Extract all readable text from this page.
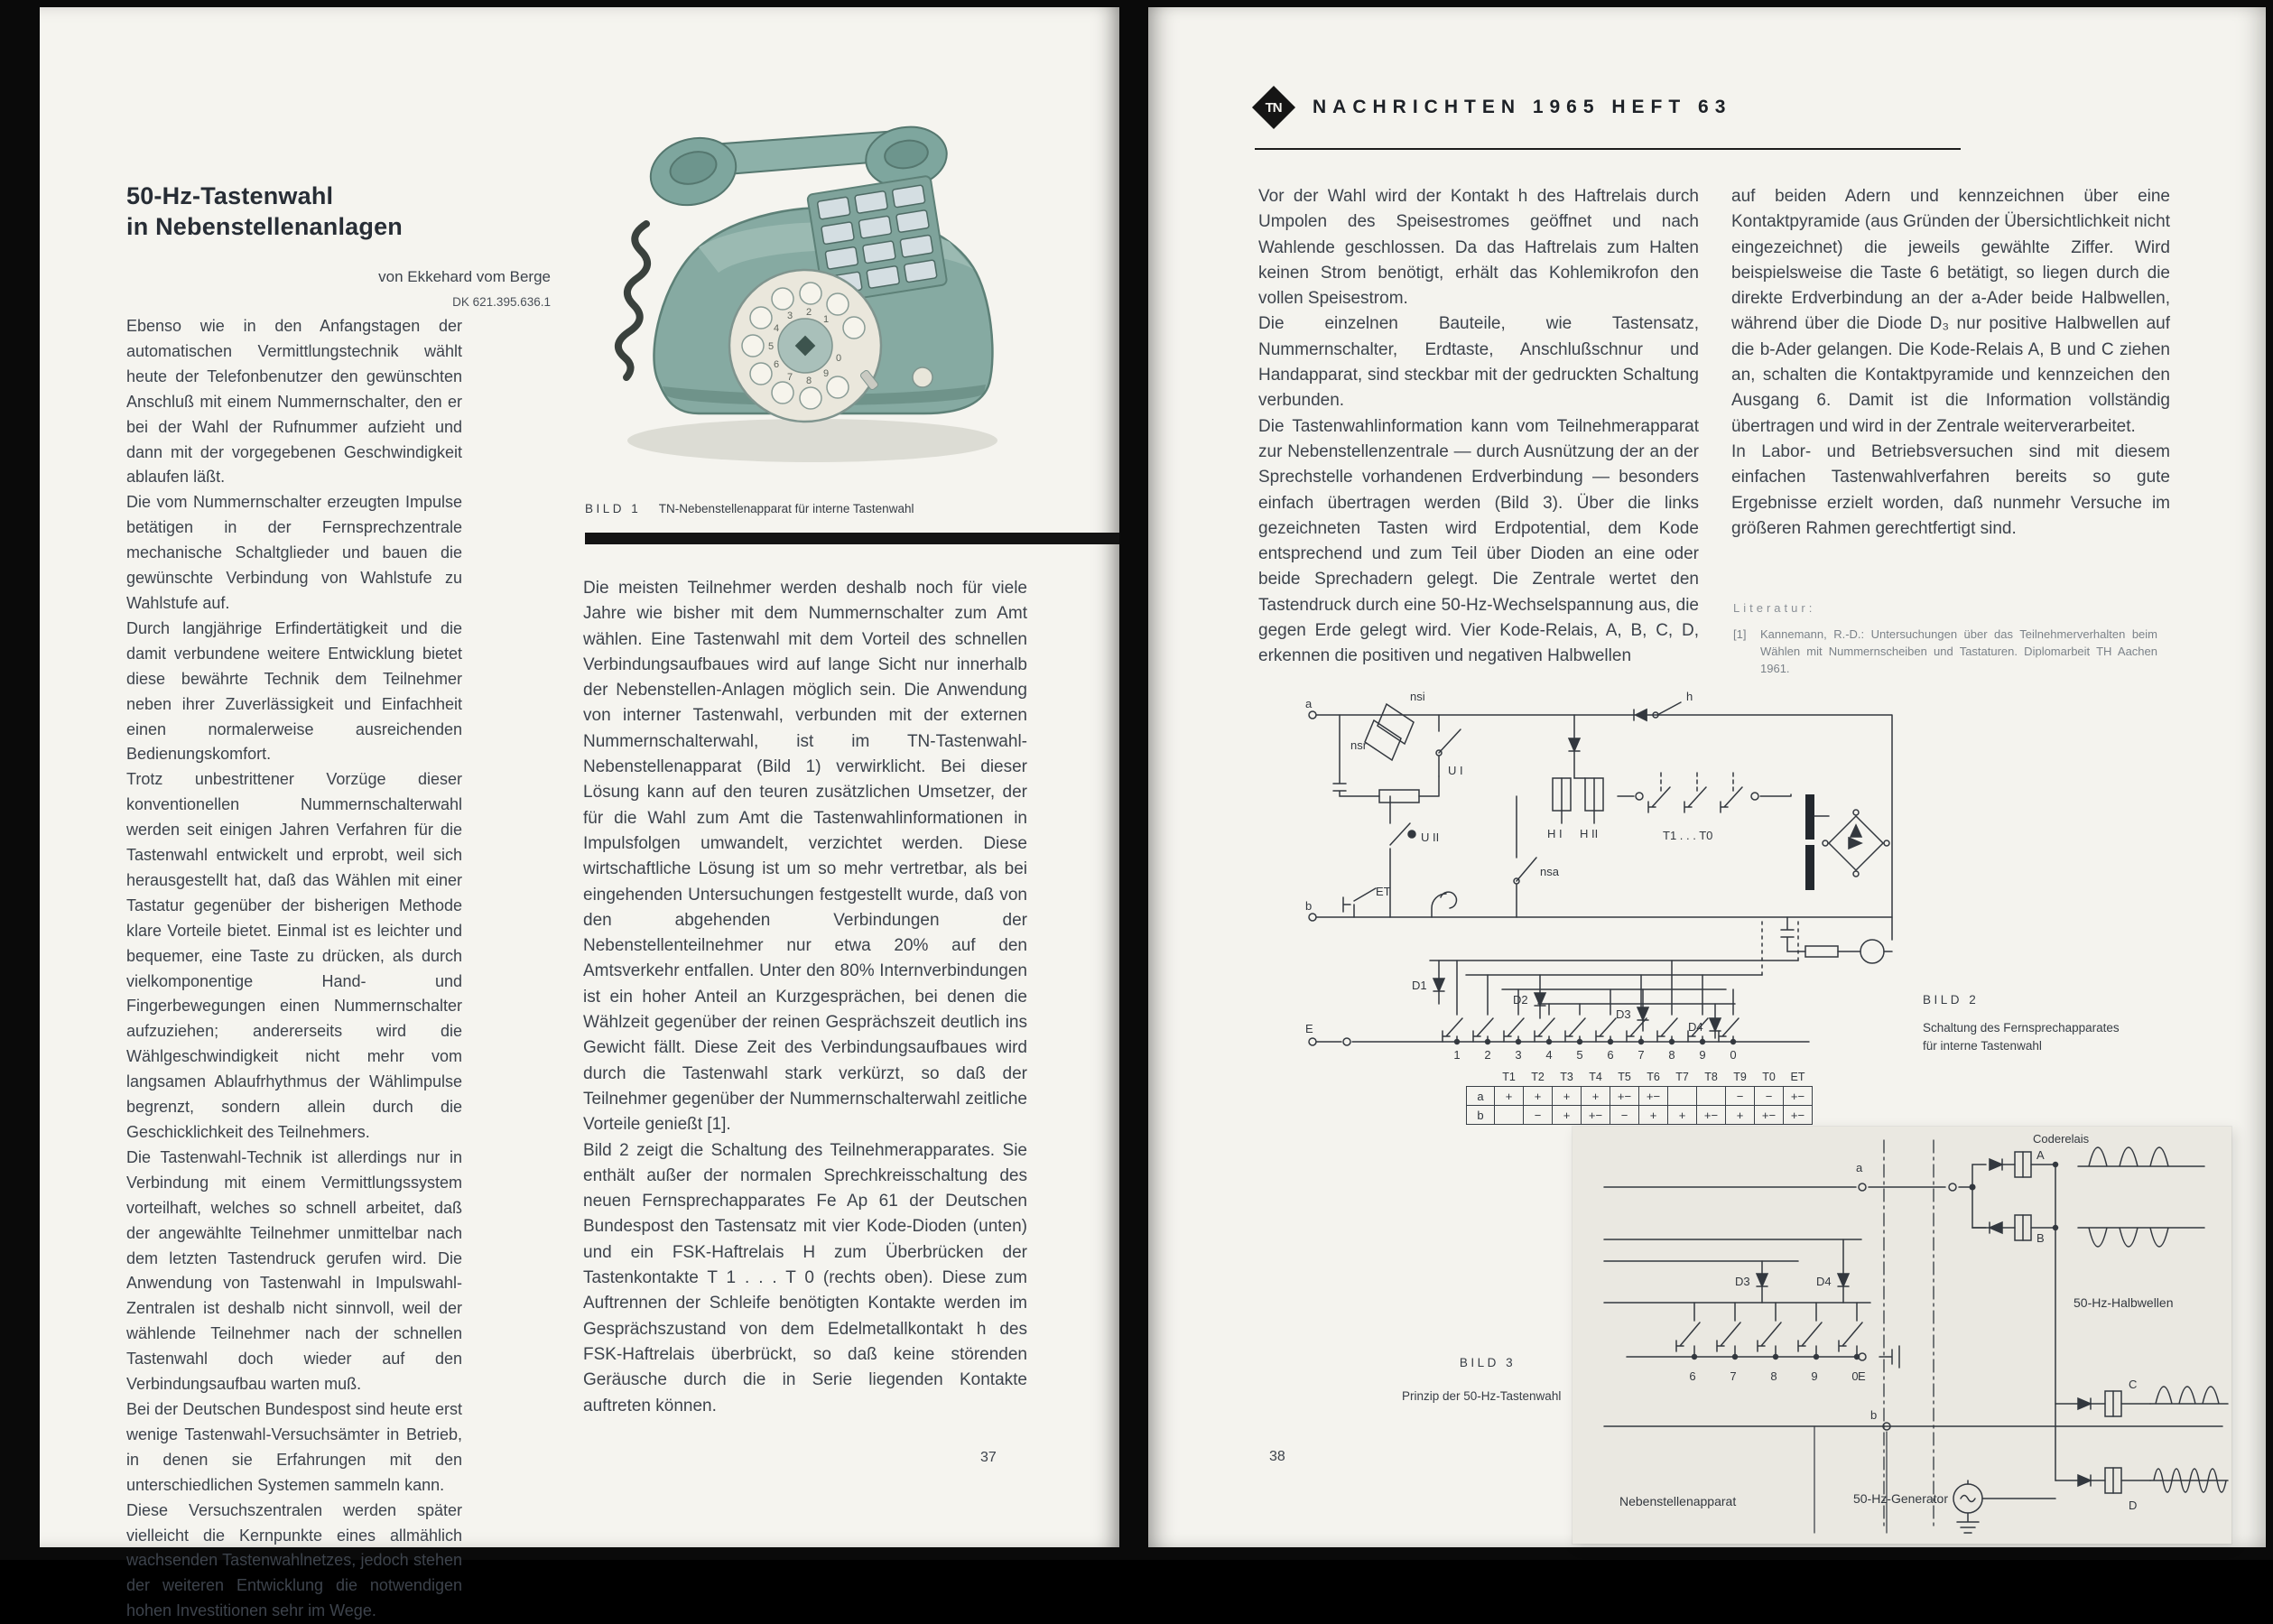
50-Hz-Tastenwahl
in Nebenstellenanlagen
von Ekkehard vom Berge
DK 621.395.636.1

Ebenso wie in den Anfangstagen der automatischen Vermittlungstechnik wählt heute der Telefonbenutzer den gewünschten Anschluß mit einem Nummernschalter, den er bei der Wahl der Rufnummer aufzieht und dann mit der vorgegebenen Geschwindigkeit ablaufen läßt.

Die vom Nummernschalter erzeugten Impulse betätigen in der Fernsprechzentrale mechanische Schaltglieder und bauen die gewünschte Verbindung von Wahlstufe zu Wahlstufe auf.

Durch langjährige Erfindertätigkeit und die damit verbundene weitere Entwicklung bietet diese bewährte Technik dem Teilnehmer neben ihrer Zuverlässigkeit und Einfachheit einen normalerweise ausreichenden Bedienungskomfort.

Trotz unbestrittener Vorzüge dieser konventionellen Nummernschalterwahl werden seit einigen Jahren Verfahren für die Tastenwahl entwickelt und erprobt, weil sich herausgestellt hat, daß das Wählen mit einer Tastatur gegenüber der bisherigen Methode klare Vorteile bietet. Einmal ist es leichter und bequemer, eine Taste zu drücken, als durch vielkomponentige Hand- und Fingerbewegungen einen Nummernschalter aufzuziehen; andererseits wird die Wählgeschwindigkeit nicht mehr vom langsamen Ablaufrhythmus der Wählimpulse begrenzt, sondern allein durch die Geschicklichkeit des Teilnehmers.

Die Tastenwahl-Technik ist allerdings nur in Verbindung mit einem Vermittlungssystem vorteilhaft, welches so schnell arbeitet, daß der angewählte Teilnehmer unmittelbar nach dem letzten Tastendruck gerufen wird. Die Anwendung von Tastenwahl in Impulswahl-Zentralen ist deshalb nicht sinnvoll, weil der wählende Teilnehmer nach der schnellen Tastenwahl doch wieder auf den Verbindungsaufbau warten muß.

Bei der Deutschen Bundespost sind heute erst wenige Tastenwahl-Versuchsämter in Betrieb, in denen sie Erfahrungen mit den unterschiedlichen Systemen sammeln kann.

Diese Versuchszentralen werden später vielleicht die Kernpunkte eines allmählich wachsenden Tastenwahlnetzes, jedoch stehen der weiteren Entwicklung die notwendigen hohen Investitionen sehr im Wege.

1
2
3
4
5
6
7 8
9
0
BILD 1 TN-Nebenstellenapparat für interne Tastenwahl

Die meisten Teilnehmer werden deshalb noch für viele Jahre wie bisher mit dem Nummernschalter zum Amt wählen. Eine Tastenwahl mit dem Vorteil des schnellen Verbindungsaufbaues wird auf lange Sicht nur innerhalb der Nebenstellen-Anlagen möglich sein. Die Anwendung von interner Tastenwahl, verbunden mit der externen Nummernschalterwahl, ist im TN-Tastenwahl-Nebenstellenapparat (Bild 1) verwirklicht. Bei dieser Lösung kann auf den teuren zusätzlichen Umsetzer, der für die Wahl zum Amt die Tastenwahlinformationen in Impulsfolgen umwandelt, verzichtet werden. Diese wirtschaftliche Lösung ist um so mehr vertretbar, als bei eingehenden Untersuchungen festgestellt wurde, daß von den abgehenden Verbindungen der Nebenstellenteilnehmer nur etwa 20% auf den Amtsverkehr entfallen. Unter den 80% Internverbindungen ist ein hoher Anteil an Kurzgesprächen, bei denen die Wählzeit gegenüber der reinen Gesprächszeit deutlich ins Gewicht fällt. Diese Zeit des Verbindungsaufbaues wird durch die Tastenwahl stark verkürzt, so daß der Teilnehmer gegenüber der Nummernschalterwahl zeitliche Vorteile genießt [1].

Bild 2 zeigt die Schaltung des Teilnehmerapparates. Sie enthält außer der normalen Sprechkreisschaltung des neuen Fernsprechapparates Fe Ap 61 der Deutschen Bundespost den Tastensatz mit vier Kode-Dioden (unten) und ein FSK-Haftrelais H zum Überbrücken der Tastenkontakte T 1 . . . T 0 (rechts oben). Diese zum Auftrennen der Schleife benötigten Kontakte werden im Gesprächszustand von dem Edelmetallkontakt h des FSK-Haftrelais überbrückt, so daß keine störenden Geräusche durch die in Serie liegenden Kontakte auftreten können.

37
TN NACHRICHTEN 1965 HEFT 63

Vor der Wahl wird der Kontakt h des Haftrelais durch Umpolen des Speisestromes geöffnet und nach Wahlende geschlossen. Da das Haftrelais zum Halten keinen Strom benötigt, erhält das Kohlemikrofon den vollen Speisestrom.

Die einzelnen Bauteile, wie Tastensatz, Nummernschalter, Erdtaste, Anschlußschnur und Handapparat, sind steckbar mit der gedruckten Schaltung verbunden.

Die Tastenwahlinformation kann vom Teilnehmerapparat zur Nebenstellenzentrale — durch Ausnützung der an der Sprechstelle vorhandenen Erdverbindung — besonders einfach übertragen werden (Bild 3). Über die links gezeichneten Tasten wird Erdpotential, dem Kode entsprechend und zum Teil über Dioden an eine oder beide Sprechadern gelegt. Die Zentrale wertet den Tastendruck durch eine 50-Hz-Wechselspannung aus, die gegen Erde gelegt wird. Vier Kode-Relais, A, B, C, D, erkennen die positiven und negativen Halbwellen

auf beiden Adern und kennzeichnen über eine Kontaktpyramide (aus Gründen der Übersichtlichkeit nicht eingezeichnet) die jeweils gewählte Ziffer. Wird beispielsweise die Taste 6 betätigt, so liegen durch die direkte Erdverbindung an der a-Ader beide Halbwellen, während über die Diode D₃ nur positive Halbwellen auf die b-Ader gelangen. Die Kode-Relais A, B und C ziehen an, schalten die Kontaktpyramide und kennzeichen den Ausgang 6. Damit ist die Information vollständig übertragen und wird in der Zentrale weiterverarbeitet.

In Labor- und Betriebsversuchen sind mit diesem einfachen Tastenwahlverfahren bereits so gute Ergebnisse erzielt worden, daß nunmehr Versuche im größeren Rahmen gerechtfertigt sind.

Literatur:
[1]	Kannemann, R.-D.: Untersuchungen über das Teilnehmerverhalten beim Wählen mit Nummernscheiben und Tastaturen. Diplomarbeit TH Aachen 1961.
a
b
E
nsi
nsr
U I
U II
nsa
ET
h
H I H II	T1 . . . T0
D1
D2
D3
D4
1 2 3 4 5 6 7 8 9 0
	T1	T2	T3	T4	T5	T6	T7	T8	T9	T0	ET
a	+	+	+	+	+−	+−			−	−	+−
b		−	+	+−	−	+	+	+−	+	+−	+−
BILD 2
Schaltung des Fernsprechapparates
für interne Tastenwahl
a
b
E
D3	D4
Coderelais
A
B
C
D
50-Hz-Halbwellen
Nebenstellenapparat	50-Hz-Generator
6	7	8	9	0
BILD 3
Prinzip der 50-Hz-Tastenwahl
38
